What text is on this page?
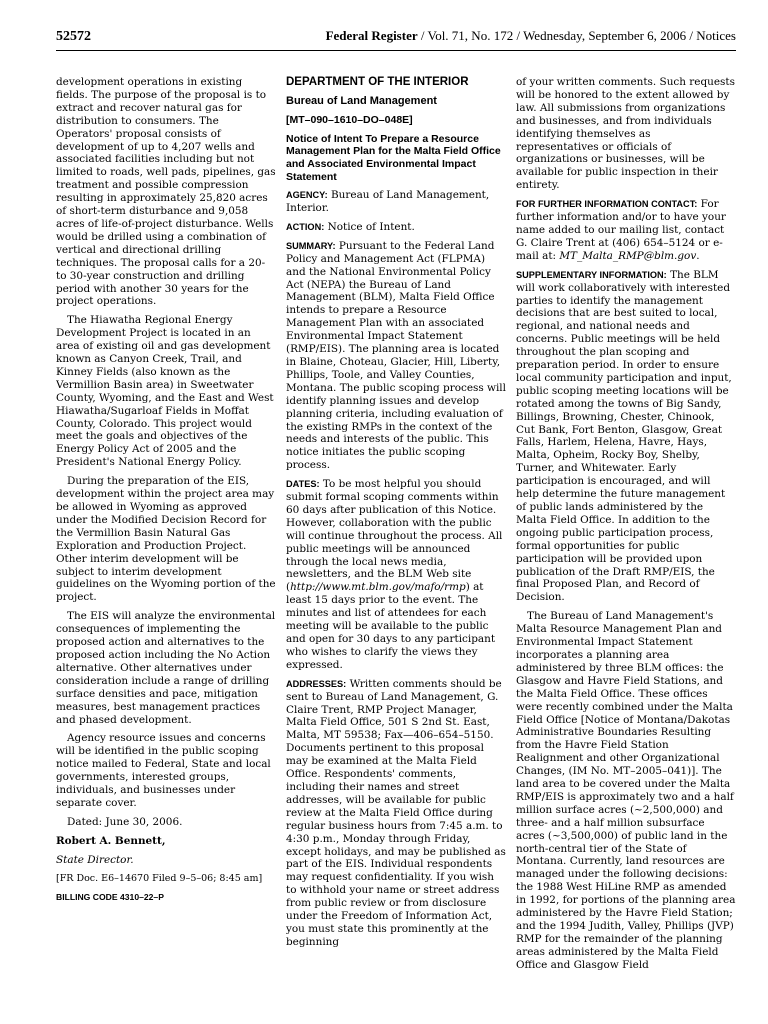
52572	Federal Register / Vol. 71, No. 172 / Wednesday, September 6, 2006 / Notices

development operations in existing fields. The purpose of the proposal is to extract and recover natural gas for distribution to consumers. The Operators' proposal consists of development of up to 4,207 wells and associated facilities including but not limited to roads, well pads, pipelines, gas treatment and possible compression resulting in approximately 25,820 acres of short-term disturbance and 9,058 acres of life-of-project disturbance. Wells would be drilled using a combination of vertical and directional drilling techniques. The proposal calls for a 20- to 30-year construction and drilling period with another 30 years for the project operations.

The Hiawatha Regional Energy Development Project is located in an area of existing oil and gas development known as Canyon Creek, Trail, and Kinney Fields (also known as the Vermillion Basin area) in Sweetwater County, Wyoming, and the East and West Hiawatha/Sugarloaf Fields in Moffat County, Colorado. This project would meet the goals and objectives of the Energy Policy Act of 2005 and the President's National Energy Policy.

During the preparation of the EIS, development within the project area may be allowed in Wyoming as approved under the Modified Decision Record for the Vermillion Basin Natural Gas Exploration and Production Project. Other interim development will be subject to interim development guidelines on the Wyoming portion of the project.

The EIS will analyze the environmental consequences of implementing the proposed action and alternatives to the proposed action including the No Action alternative. Other alternatives under consideration include a range of drilling surface densities and pace, mitigation measures, best management practices and phased development.

Agency resource issues and concerns will be identified in the public scoping notice mailed to Federal, State and local governments, interested groups, individuals, and businesses under separate cover.

Dated: June 30, 2006.

Robert A. Bennett,

State Director.

[FR Doc. E6–14670 Filed 9–5–06; 8:45 am]

BILLING CODE 4310–22–P

DEPARTMENT OF THE INTERIOR

Bureau of Land Management

[MT–090–1610–DO–048E]

Notice of Intent To Prepare a Resource Management Plan for the Malta Field Office and Associated Environmental Impact Statement

AGENCY: Bureau of Land Management, Interior.

ACTION: Notice of Intent.

SUMMARY: Pursuant to the Federal Land Policy and Management Act (FLPMA) and the National Environmental Policy Act (NEPA) the Bureau of Land Management (BLM), Malta Field Office intends to prepare a Resource Management Plan with an associated Environmental Impact Statement (RMP/EIS). The planning area is located in Blaine, Choteau, Glacier, Hill, Liberty, Phillips, Toole, and Valley Counties, Montana. The public scoping process will identify planning issues and develop planning criteria, including evaluation of the existing RMPs in the context of the needs and interests of the public. This notice initiates the public scoping process.

DATES: To be most helpful you should submit formal scoping comments within 60 days after publication of this Notice. However, collaboration with the public will continue throughout the process. All public meetings will be announced through the local news media, newsletters, and the BLM Web site (http://www.mt.blm.gov/mafo/rmp) at least 15 days prior to the event. The minutes and list of attendees for each meeting will be available to the public and open for 30 days to any participant who wishes to clarify the views they expressed.

ADDRESSES: Written comments should be sent to Bureau of Land Management, G. Claire Trent, RMP Project Manager, Malta Field Office, 501 S 2nd St. East, Malta, MT 59538; Fax—406–654–5150. Documents pertinent to this proposal may be examined at the Malta Field Office. Respondents' comments, including their names and street addresses, will be available for public review at the Malta Field Office during regular business hours from 7:45 a.m. to 4:30 p.m., Monday through Friday, except holidays, and may be published as part of the EIS. Individual respondents may request confidentiality. If you wish to withhold your name or street address from public review or from disclosure under the Freedom of Information Act, you must state this prominently at the beginning

of your written comments. Such requests will be honored to the extent allowed by law. All submissions from organizations and businesses, and from individuals identifying themselves as representatives or officials of organizations or businesses, will be available for public inspection in their entirety.

FOR FURTHER INFORMATION CONTACT: For further information and/or to have your name added to our mailing list, contact G. Claire Trent at (406) 654–5124 or e-mail at: MT_Malta_RMP@blm.gov.

SUPPLEMENTARY INFORMATION: The BLM will work collaboratively with interested parties to identify the management decisions that are best suited to local, regional, and national needs and concerns. Public meetings will be held throughout the plan scoping and preparation period. In order to ensure local community participation and input, public scoping meeting locations will be rotated among the towns of Big Sandy, Billings, Browning, Chester, Chinook, Cut Bank, Fort Benton, Glasgow, Great Falls, Harlem, Helena, Havre, Hays, Malta, Opheim, Rocky Boy, Shelby, Turner, and Whitewater. Early participation is encouraged, and will help determine the future management of public lands administered by the Malta Field Office. In addition to the ongoing public participation process, formal opportunities for public participation will be provided upon publication of the Draft RMP/EIS, the final Proposed Plan, and Record of Decision.

The Bureau of Land Management's Malta Resource Management Plan and Environmental Impact Statement incorporates a planning area administered by three BLM offices: the Glasgow and Havre Field Stations, and the Malta Field Office. These offices were recently combined under the Malta Field Office [Notice of Montana/Dakotas Administrative Boundaries Resulting from the Havre Field Station Realignment and other Organizational Changes, (IM No. MT–2005–041)]. The land area to be covered under the Malta RMP/EIS is approximately two and a half million surface acres (~2,500,000) and three- and a half million subsurface acres (~3,500,000) of public land in the north-central tier of the State of Montana. Currently, land resources are managed under the following decisions: the 1988 West HiLine RMP as amended in 1992, for portions of the planning area administered by the Havre Field Station; and the 1994 Judith, Valley, Phillips (JVP) RMP for the remainder of the planning areas administered by the Malta Field Office and Glasgow Field
